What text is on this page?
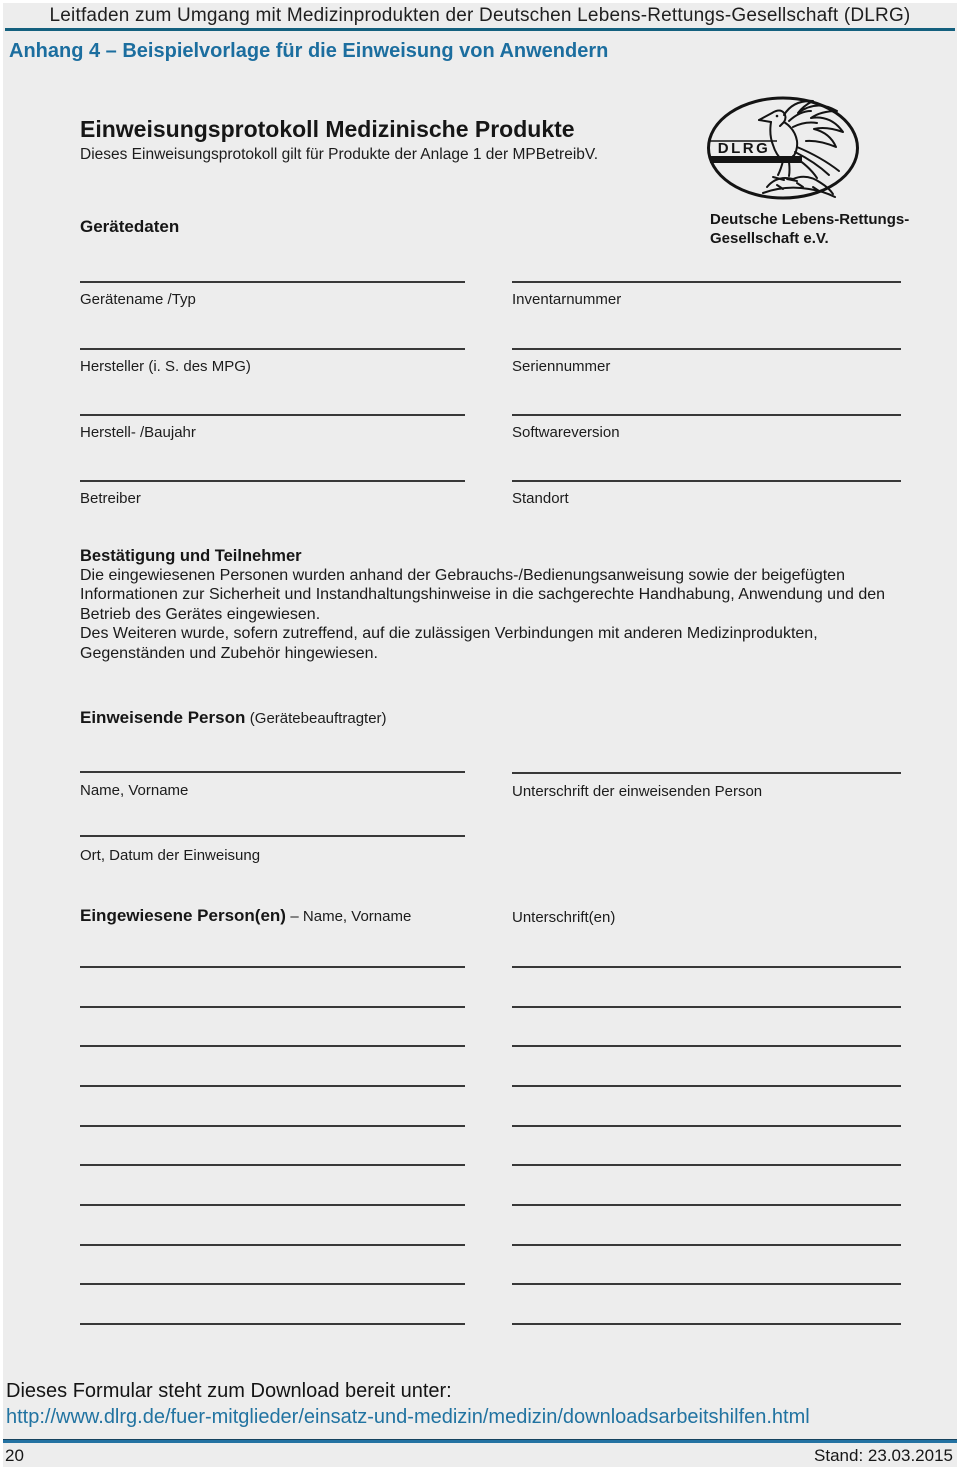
Leitfaden zum Umgang mit Medizinprodukten der Deutschen Lebens-Rettungs-Gesellschaft (DLRG)
Anhang 4 – Beispielvorlage für die Einweisung von Anwendern
Einweisungsprotokoll Medizinische Produkte
Dieses Einweisungsprotokoll gilt für Produkte der Anlage 1 der MPBetreibV.	DLRG
Deutsche Lebens-Rettungs-
Gesellschaft e.V.
Gerätedaten
Gerätename /Typ	Inventarnummer
Hersteller (i. S. des MPG)	Seriennummer
Herstell- /Baujahr	Softwareversion
Betreiber	Standort
Bestätigung und Teilnehmer

Die eingewiesenen Personen wurden anhand der Gebrauchs-/Bedienungsanweisung sowie der beigefügten Informationen zur Sicherheit und Instandhaltungshinweise in die sachgerechte Handhabung, Anwendung und den Betrieb des Gerätes eingewiesen.

Des Weiteren wurde, sofern zutreffend, auf die zulässigen Verbindungen mit anderen Medizinprodukten, Gegenständen und Zubehör hingewiesen.

Einweisende Person (Gerätebeauftragter)
Name, Vorname	Unterschrift der einweisenden Person
Ort, Datum der Einweisung
Eingewiesene Person(en) – Name, Vorname	Unterschrift(en)
Dieses Formular steht zum Download bereit unter:
http://www.dlrg.de/fuer-mitglieder/einsatz-und-medizin/medizin/downloadsarbeitshilfen.html
20	Stand: 23.03.2015
